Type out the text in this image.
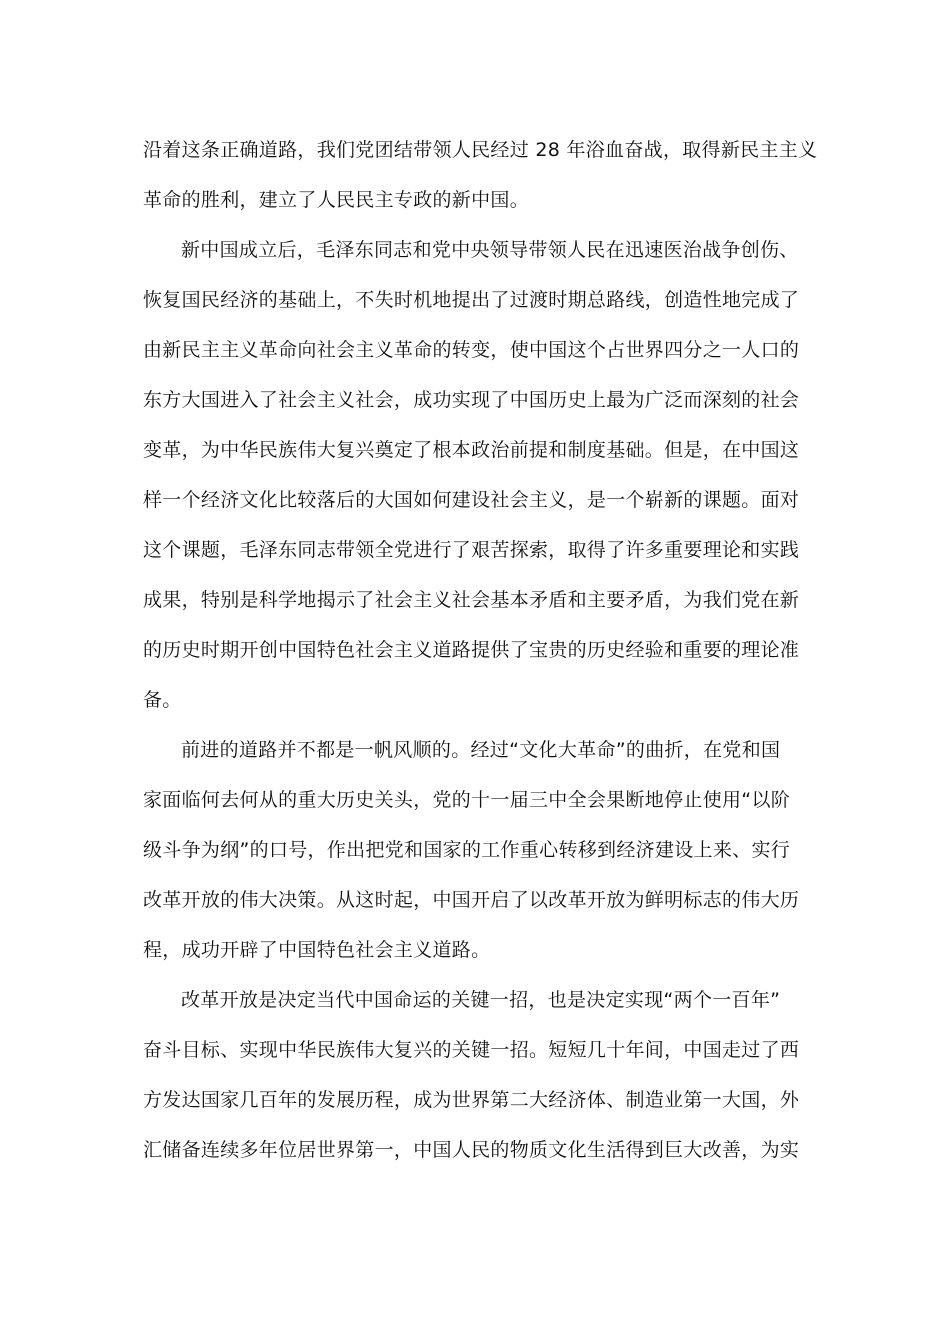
沿着这条正确道路，我们党团结带领人民经过 28 年浴血奋战，取得新民主主义
革命的胜利，建立了人民民主专政的新中国。
新中国成立后，毛泽东同志和党中央领导带领人民在迅速医治战争创伤、
恢复国民经济的基础上，不失时机地提出了过渡时期总路线，创造性地完成了
由新民主主义革命向社会主义革命的转变，使中国这个占世界四分之一人口的
东方大国进入了社会主义社会，成功实现了中国历史上最为广泛而深刻的社会
变革，为中华民族伟大复兴奠定了根本政治前提和制度基础。但是，在中国这
样一个经济文化比较落后的大国如何建设社会主义，是一个崭新的课题。面对
这个课题，毛泽东同志带领全党进行了艰苦探索，取得了许多重要理论和实践
成果，特别是科学地揭示了社会主义社会基本矛盾和主要矛盾，为我们党在新
的历史时期开创中国特色社会主义道路提供了宝贵的历史经验和重要的理论准
备。
前进的道路并不都是一帆风顺的。经过“文化大革命”的曲折，在党和国
家面临何去何从的重大历史关头，党的十一届三中全会果断地停止使用“以阶
级斗争为纲”的口号，作出把党和国家的工作重心转移到经济建设上来、实行
改革开放的伟大决策。从这时起，中国开启了以改革开放为鲜明标志的伟大历
程，成功开辟了中国特色社会主义道路。
改革开放是决定当代中国命运的关键一招，也是决定实现“两个一百年”
奋斗目标、实现中华民族伟大复兴的关键一招。短短几十年间，中国走过了西
方发达国家几百年的发展历程，成为世界第二大经济体、制造业第一大国，外
汇储备连续多年位居世界第一，中国人民的物质文化生活得到巨大改善，为实
